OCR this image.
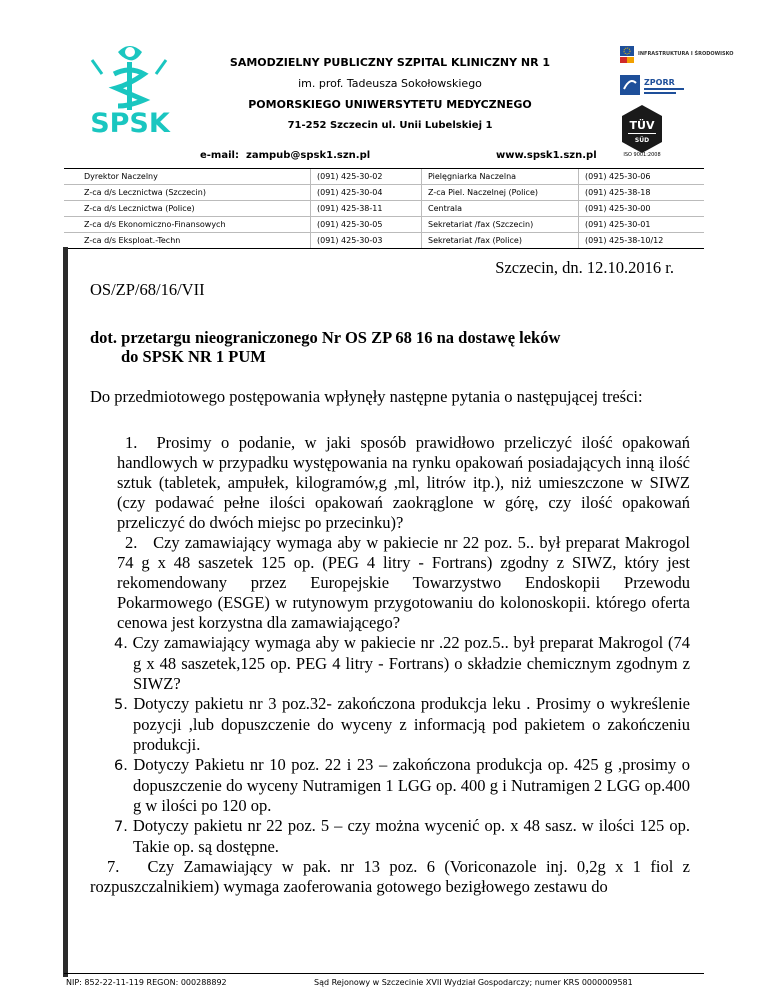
SPSK
SAMODZIELNY PUBLICZNY SZPITAL KLINICZNY NR 1
im. prof. Tadeusza Sokołowskiego
POMORSKIEGO UNIWERSYTETU MEDYCZNEGO
71-252 Szczecin ul. Unii Lubelskiej 1
e-mail: zampub@spsk1.szn.pl	www.spsk1.szn.pl
INFRASTRUKTURA I ŚRODOWISKO
ZPORR
TÜV
SÜD
ISO 9001:2008
Dyrektor Naczelny	(091) 425-30-02	Pielęgniarka Naczelna	(091) 425-30-06
Z-ca d/s Lecznictwa (Szczecin)	(091) 425-30-04	Z-ca Piel. Naczelnej (Police)	(091) 425-38-18
Z-ca d/s Lecznictwa (Police)	(091) 425-38-11	Centrala	(091) 425-30-00
Z-ca d/s Ekonomiczno-Finansowych	(091) 425-30-05	Sekretariat /fax (Szczecin)	(091) 425-30-01
Z-ca d/s Eksploat.-Techn	(091) 425-30-03	Sekretariat /fax (Police)	(091) 425-38-10/12
Szczecin, dn. 12.10.2016 r.
OS/ZP/68/16/VII
dot. przetargu nieograniczonego Nr OS ZP 68 16 na dostawę leków
do SPSK NR 1 PUM
Do przedmiotowego postępowania wpłynęły następne pytania o następującej treści:
1. Prosimy o podanie, w jaki sposób prawidłowo przeliczyć ilość opakowań handlowych w przypadku występowania na rynku opakowań posiadających inną ilość sztuk (tabletek, ampułek, kilogramów,g ,ml, litrów itp.), niż umieszczone w SIWZ (czy podawać pełne ilości opakowań zaokrąglone w górę, czy ilość opakowań przeliczyć do dwóch miejsc po przecinku)?
2. Czy zamawiający wymaga aby w pakiecie nr 22 poz. 5.. był preparat Makrogol 74 g x 48 saszetek 125 op. (PEG 4 litry - Fortrans) zgodny z SIWZ, który jest rekomendowany przez Europejskie Towarzystwo Endoskopii Przewodu Pokarmowego (ESGE) w rutynowym przygotowaniu do kolonoskopii. którego oferta cenowa jest korzystna dla zamawiającego?
4. Czy zamawiający wymaga aby w pakiecie nr .22 poz.5.. był preparat Makrogol (74 g x 48 saszetek,125 op. PEG 4 litry - Fortrans) o składzie chemicznym zgodnym z SIWZ?
5. Dotyczy pakietu nr 3 poz.32- zakończona produkcja leku . Prosimy o wykreślenie pozycji ,lub dopuszczenie do wyceny z informacją pod pakietem o zakończeniu produkcji.
6. Dotyczy Pakietu nr 10 poz. 22 i 23 – zakończona produkcja op. 425 g ,prosimy o dopuszczenie do wyceny Nutramigen 1 LGG op. 400 g i Nutramigen 2 LGG op.400 g w ilości po 120 op.
7. Dotyczy pakietu nr 22 poz. 5 – czy można wycenić op. x 48 sasz. w ilości 125 op. Takie op. są dostępne.
7. Czy Zamawiający w pak. nr 13 poz. 6 (Voriconazole inj. 0,2g x 1 fiol z rozpuszczalnikiem) wymaga zaoferowania gotowego bezigłowego zestawu do
NIP: 852-22-11-119 REGON: 000288892	Sąd Rejonowy w Szczecinie XVII Wydział Gospodarczy; numer KRS 0000009581
